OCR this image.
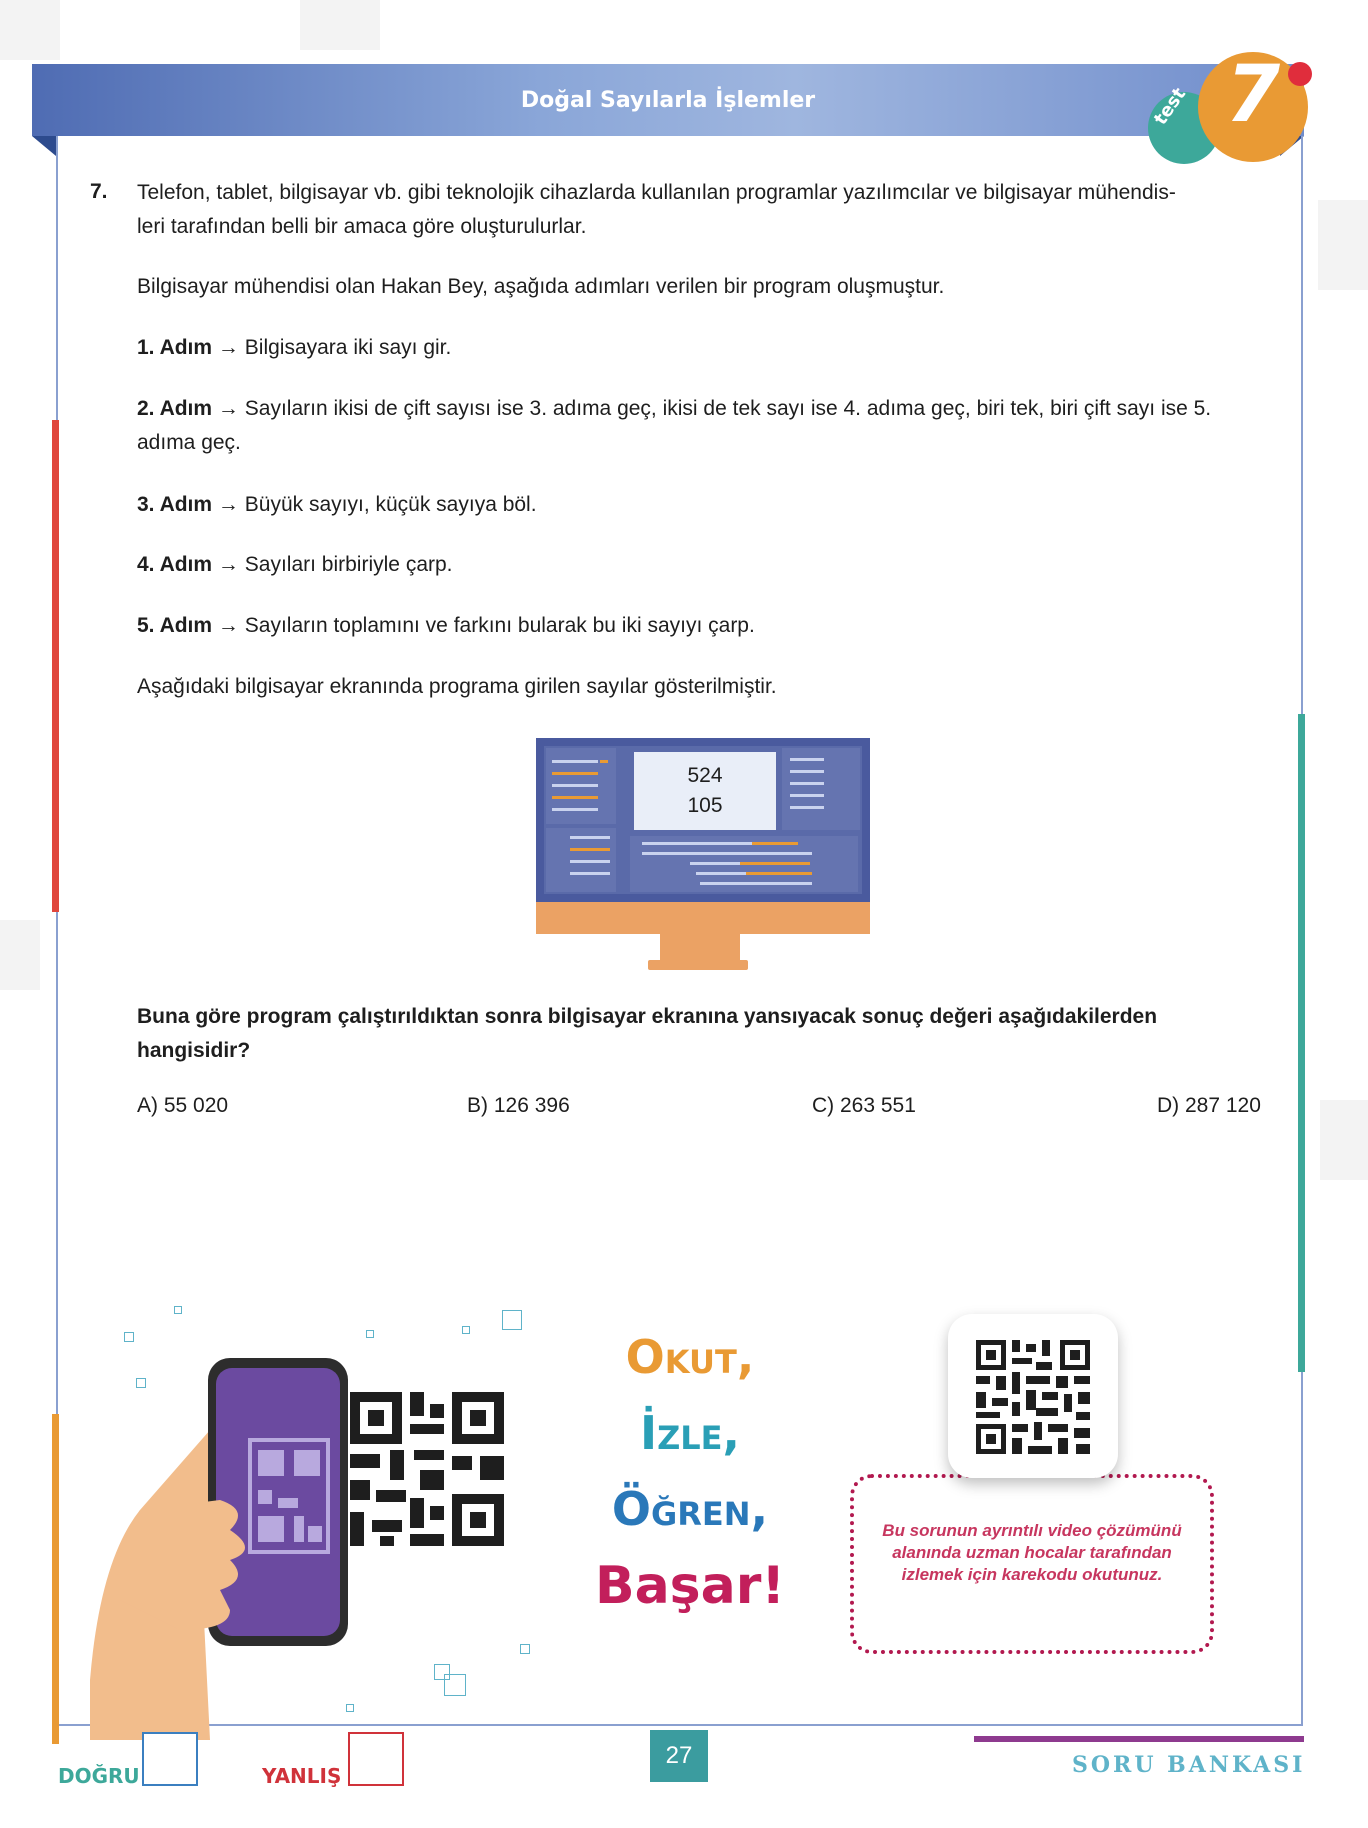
Doğal Sayılarla İşlemler	7
test
7. Telefon, tablet, bilgisayar vb. gibi teknolojik cihazlarda kullanılan programlar yazılımcılar ve bilgisayar mühendis-
leri tarafından belli bir amaca göre oluşturulurlar.
Bilgisayar mühendisi olan Hakan Bey, aşağıda adımları verilen bir program oluşmuştur.
1. Adım → Bilgisayara iki sayı gir.
2. Adım → Sayıların ikisi de çift sayısı ise 3. adıma geç, ikisi de tek sayı ise 4. adıma geç, biri tek, biri çift sayı ise 5. adıma geç.
3. Adım → Büyük sayıyı, küçük sayıya böl.
4. Adım → Sayıları birbiriyle çarp.
5. Adım → Sayıların toplamını ve farkını bularak bu iki sayıyı çarp.
Aşağıdaki bilgisayar ekranında programa girilen sayılar gösterilmiştir.
524
105
Buna göre program çalıştırıldıktan sonra bilgisayar ekranına yansıyacak sonuç değeri aşağıdakilerden hangisidir?
A) 55 020	B) 126 396	C) 263 551	D) 287 120
Okut,
İzle,
Öğren,
Başar!
Bu sorunun ayrıntılı video çözümünü alanında uzman hocalar tarafından izlemek için karekodu okutunuz.
DOĞRU	YANLIŞ
27	SORU BANKASI
